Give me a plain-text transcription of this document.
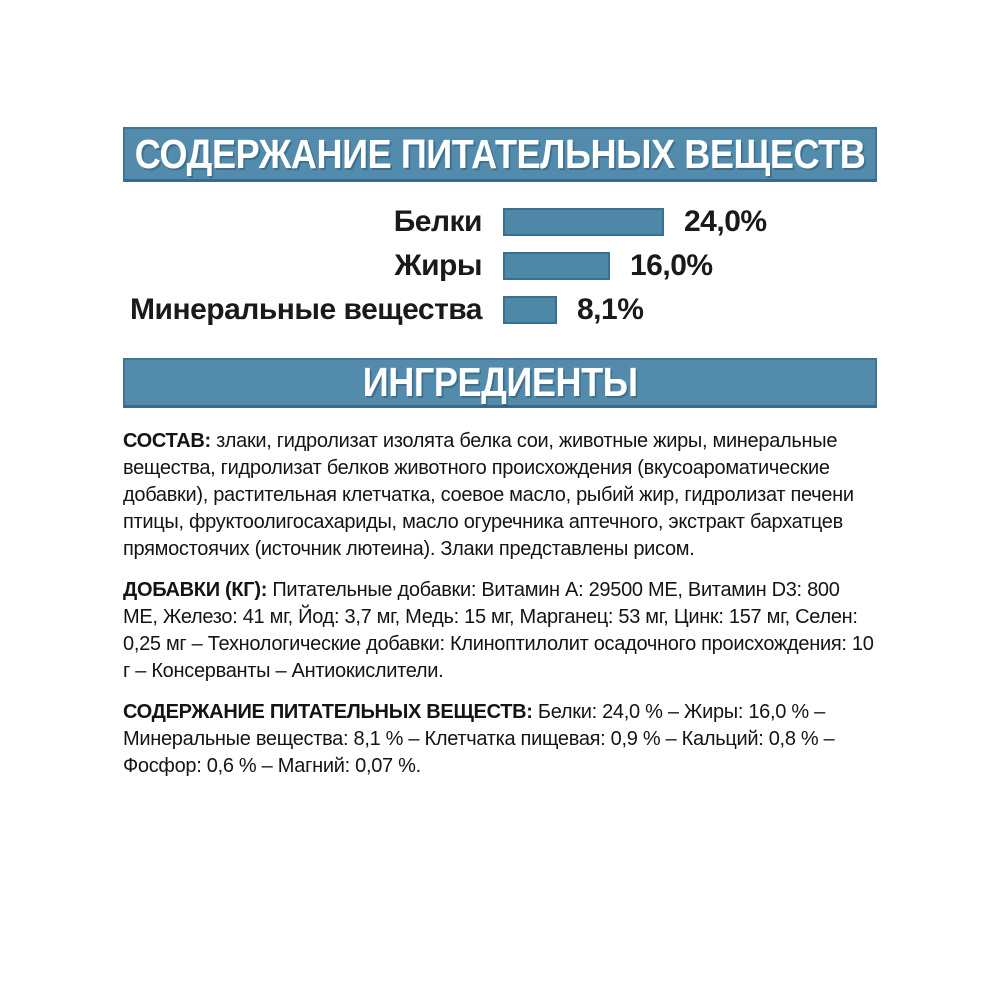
СОДЕРЖАНИЕ ПИТАТЕЛЬНЫХ ВЕЩЕСТВ
Белки	24,0%
Жиры	16,0%
Минеральные вещества	8,1%
ИНГРЕДИЕНТЫ

СОСТАВ: злаки, гидролизат изолята белка сои, животные жиры, минеральные вещества, гидролизат белков животного происхождения (вкусоароматические добавки), растительная клетчатка, соевое масло, рыбий жир, гидролизат печени птицы, фруктоолигосахариды, масло огуречника аптечного, экстракт бархатцев прямостоячих (источник лютеина). Злаки представлены рисом.

ДОБАВКИ (КГ): Питательные добавки: Витамин А: 29500 МЕ, Витамин D3: 800 МЕ, Железо: 41 мг, Йод: 3,7 мг, Медь: 15 мг, Марганец: 53 мг, Цинк: 157 мг, Селен: 0,25 мг – Технологические добавки: Клиноптилолит осадочного происхождения: 10 г – Консерванты – Антиокислители.

СОДЕРЖАНИЕ ПИТАТЕЛЬНЫХ ВЕЩЕСТВ: Белки: 24,0 % – Жиры: 16,0 % – Минеральные вещества: 8,1 % – Клетчатка пищевая: 0,9 % – Кальций: 0,8 % – Фосфор: 0,6 % – Магний: 0,07 %.
